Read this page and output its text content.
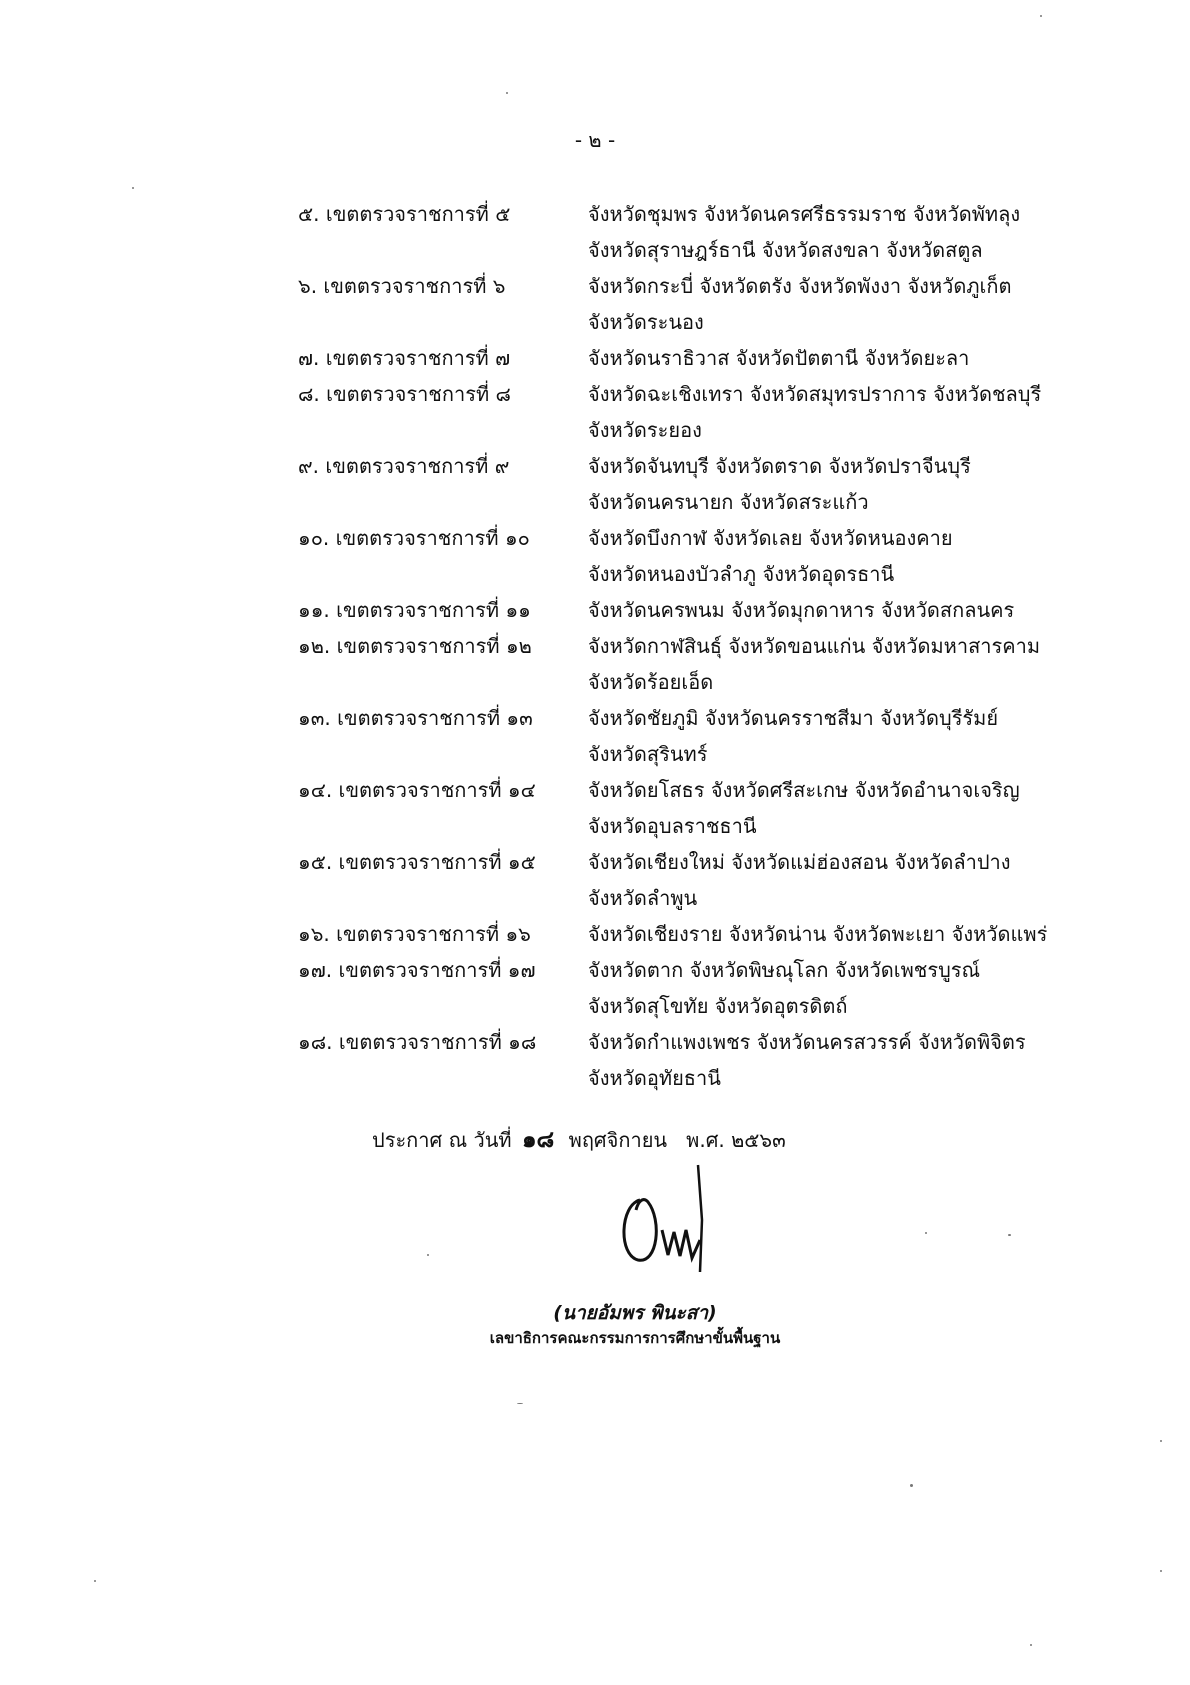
- ๒ -
๕. เขตตรวจราชการที่ ๕	จังหวัดชุมพร จังหวัดนครศรีธรรมราช จังหวัดพัทลุง
จังหวัดสุราษฎร์ธานี จังหวัดสงขลา จังหวัดสตูล
๖. เขตตรวจราชการที่ ๖	จังหวัดกระบี่ จังหวัดตรัง จังหวัดพังงา จังหวัดภูเก็ต
จังหวัดระนอง
๗. เขตตรวจราชการที่ ๗	จังหวัดนราธิวาส จังหวัดปัตตานี จังหวัดยะลา
๘. เขตตรวจราชการที่ ๘	จังหวัดฉะเชิงเทรา จังหวัดสมุทรปราการ จังหวัดชลบุรี
จังหวัดระยอง
๙. เขตตรวจราชการที่ ๙	จังหวัดจันทบุรี จังหวัดตราด จังหวัดปราจีนบุรี
จังหวัดนครนายก จังหวัดสระแก้ว
๑๐. เขตตรวจราชการที่ ๑๐	จังหวัดบึงกาฬ จังหวัดเลย จังหวัดหนองคาย
จังหวัดหนองบัวลำภู จังหวัดอุดรธานี
๑๑. เขตตรวจราชการที่ ๑๑	จังหวัดนครพนม จังหวัดมุกดาหาร จังหวัดสกลนคร
๑๒. เขตตรวจราชการที่ ๑๒	จังหวัดกาฬสินธุ์ จังหวัดขอนแก่น จังหวัดมหาสารคาม
จังหวัดร้อยเอ็ด
๑๓. เขตตรวจราชการที่ ๑๓	จังหวัดชัยภูมิ จังหวัดนครราชสีมา จังหวัดบุรีรัมย์
จังหวัดสุรินทร์
๑๔. เขตตรวจราชการที่ ๑๔	จังหวัดยโสธร จังหวัดศรีสะเกษ จังหวัดอำนาจเจริญ
จังหวัดอุบลราชธานี
๑๕. เขตตรวจราชการที่ ๑๕	จังหวัดเชียงใหม่ จังหวัดแม่ฮ่องสอน จังหวัดลำปาง
จังหวัดลำพูน
๑๖. เขตตรวจราชการที่ ๑๖	จังหวัดเชียงราย จังหวัดน่าน จังหวัดพะเยา จังหวัดแพร่
๑๗. เขตตรวจราชการที่ ๑๗	จังหวัดตาก จังหวัดพิษณุโลก จังหวัดเพชรบูรณ์
จังหวัดสุโขทัย จังหวัดอุตรดิตถ์
๑๘. เขตตรวจราชการที่ ๑๘	จังหวัดกำแพงเพชร จังหวัดนครสวรรค์ จังหวัดพิจิตร
จังหวัดอุทัยธานี
ประกาศ ณ วันที่ ๑๘ พฤศจิกายน พ.ศ. ๒๕๖๓
(นายอัมพร พินะสา)
เลขาธิการคณะกรรมการการศึกษาขั้นพื้นฐาน
